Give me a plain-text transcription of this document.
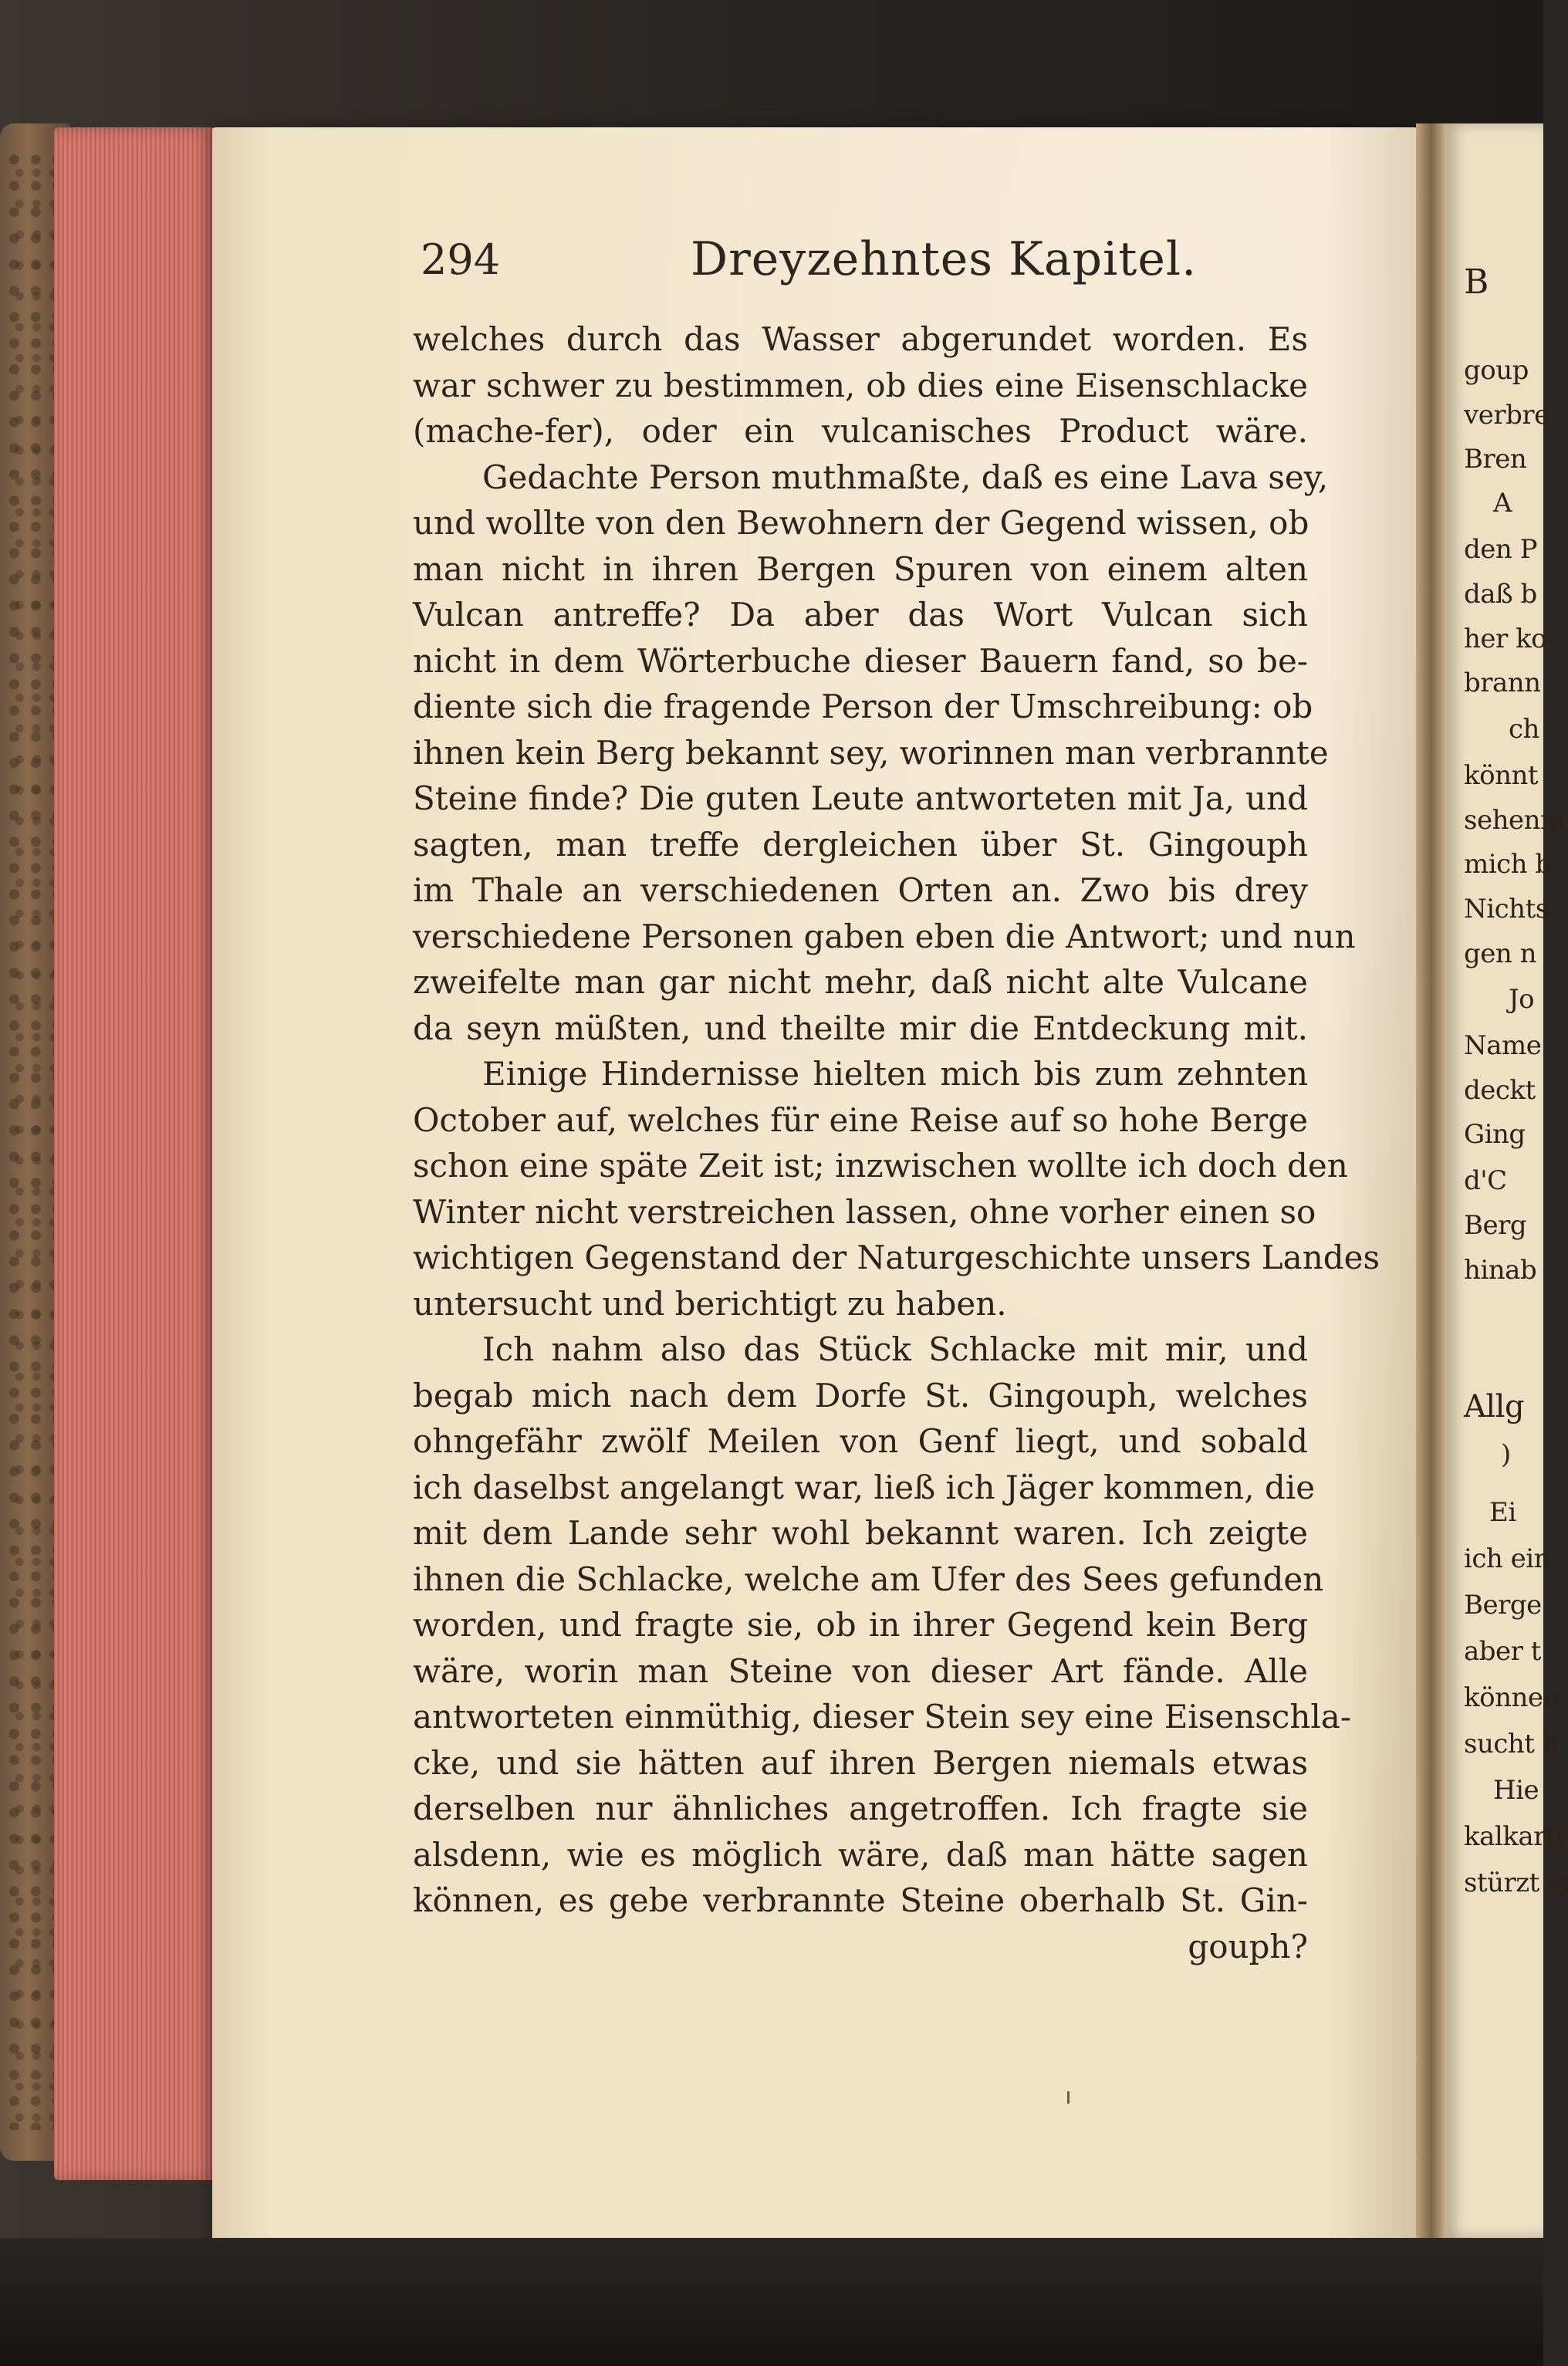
B
goup
verbre
Bren
A
den P
daß b
her ko
brann
ch
könnt
sehenm
mich b
Nichts
gen n
Jo
Name
deckt
Ging
d'C
Berg
hinab
Allg
)
Ei
ich ein
Berge
aber t
können
sucht h
Hie
kalkarti
stürzt si
294	Dreyzehntes Kapitel.
welches durch das Wasser abgerundet worden. Es
war schwer zu bestimmen, ob dies eine Eisenschlacke
(mache-fer), oder ein vulcanisches Product wäre.
Gedachte Person muthmaßte, daß es eine Lava sey,
und wollte von den Bewohnern der Gegend wissen, ob
man nicht in ihren Bergen Spuren von einem alten
Vulcan antreffe? Da aber das Wort Vulcan sich
nicht in dem Wörterbuche dieser Bauern fand, so be-
diente sich die fragende Person der Umschreibung: ob
ihnen kein Berg bekannt sey, worinnen man verbrannte
Steine finde? Die guten Leute antworteten mit Ja, und
sagten, man treffe dergleichen über St. Gingouph
im Thale an verschiedenen Orten an. Zwo bis drey
verschiedene Personen gaben eben die Antwort; und nun
zweifelte man gar nicht mehr, daß nicht alte Vulcane
da seyn müßten, und theilte mir die Entdeckung mit.
Einige Hindernisse hielten mich bis zum zehnten
October auf, welches für eine Reise auf so hohe Berge
schon eine späte Zeit ist; inzwischen wollte ich doch den
Winter nicht verstreichen lassen, ohne vorher einen so
wichtigen Gegenstand der Naturgeschichte unsers Landes
untersucht und berichtigt zu haben.
Ich nahm also das Stück Schlacke mit mir, und
begab mich nach dem Dorfe St. Gingouph, welches
ohngefähr zwölf Meilen von Genf liegt, und sobald
ich daselbst angelangt war, ließ ich Jäger kommen, die
mit dem Lande sehr wohl bekannt waren. Ich zeigte
ihnen die Schlacke, welche am Ufer des Sees gefunden
worden, und fragte sie, ob in ihrer Gegend kein Berg
wäre, worin man Steine von dieser Art fände. Alle
antworteten einmüthig, dieser Stein sey eine Eisenschla-
cke, und sie hätten auf ihren Bergen niemals etwas
derselben nur ähnliches angetroffen. Ich fragte sie
alsdenn, wie es möglich wäre, daß man hätte sagen
können, es gebe verbrannte Steine oberhalb St. Gin-
gouph?
